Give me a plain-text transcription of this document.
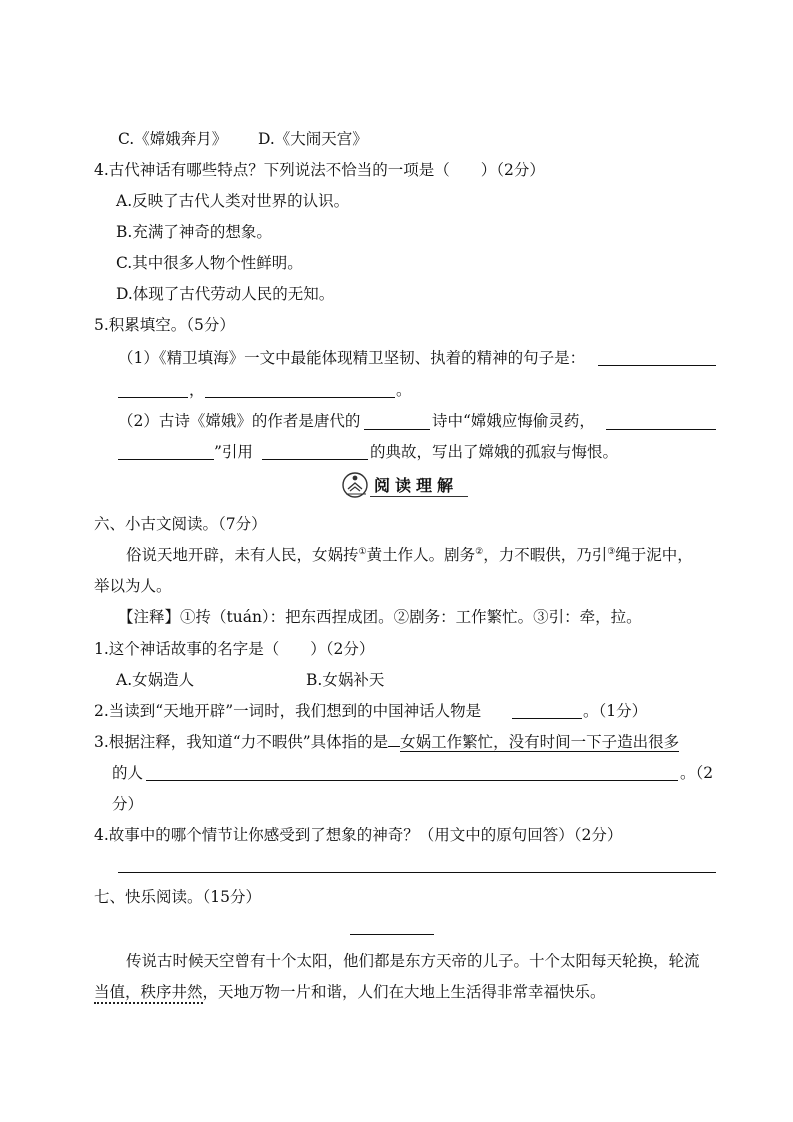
C.《嫦娥奔月》 D.《大闹天宫》
4.古代神话有哪些特点？下列说法不恰当的一项是（　　）（2分）
A.反映了古代人类对世界的认识。
B.充满了神奇的想象。
C.其中很多人物个性鲜明。
D.体现了古代劳动人民的无知。
5.积累填空。（5分）
（1）《精卫填海》一文中最能体现精卫坚韧、执着的精神的句子是：
，	。
（2）古诗《嫦娥》的作者是唐代的	诗中“嫦娥应悔偷灵药，
”引用	的典故，写出了嫦娥的孤寂与悔恨。
阅读理解
六、小古文阅读。（7分）
俗说天地开辟，未有人民，女娲抟①黄土作人。剧务②，力不暇供，乃引③绳于泥中，
举以为人。
【注释】①抟（tuán）：把东西捏成团。②剧务：工作繁忙。③引：牵，拉。
1.这个神话故事的名字是（　　）（2分）
A.女娲造人	B.女娲补天
2.当读到“天地开辟”一词时，我们想到的中国神话人物是	。（1分）
3.根据注释，我知道“力不暇供”具体指的是 女娲工作繁忙，没有时间一下子造出很多
的人	。（2
分）
4.故事中的哪个情节让你感受到了想象的神奇？（用文中的原句回答）（2分）
七、快乐阅读。（15分）
传说古时候天空曾有十个太阳，他们都是东方天帝的儿子。十个太阳每天轮换，轮流
当值，秩序井然，天地万物一片和谐，人们在大地上生活得非常幸福快乐。
